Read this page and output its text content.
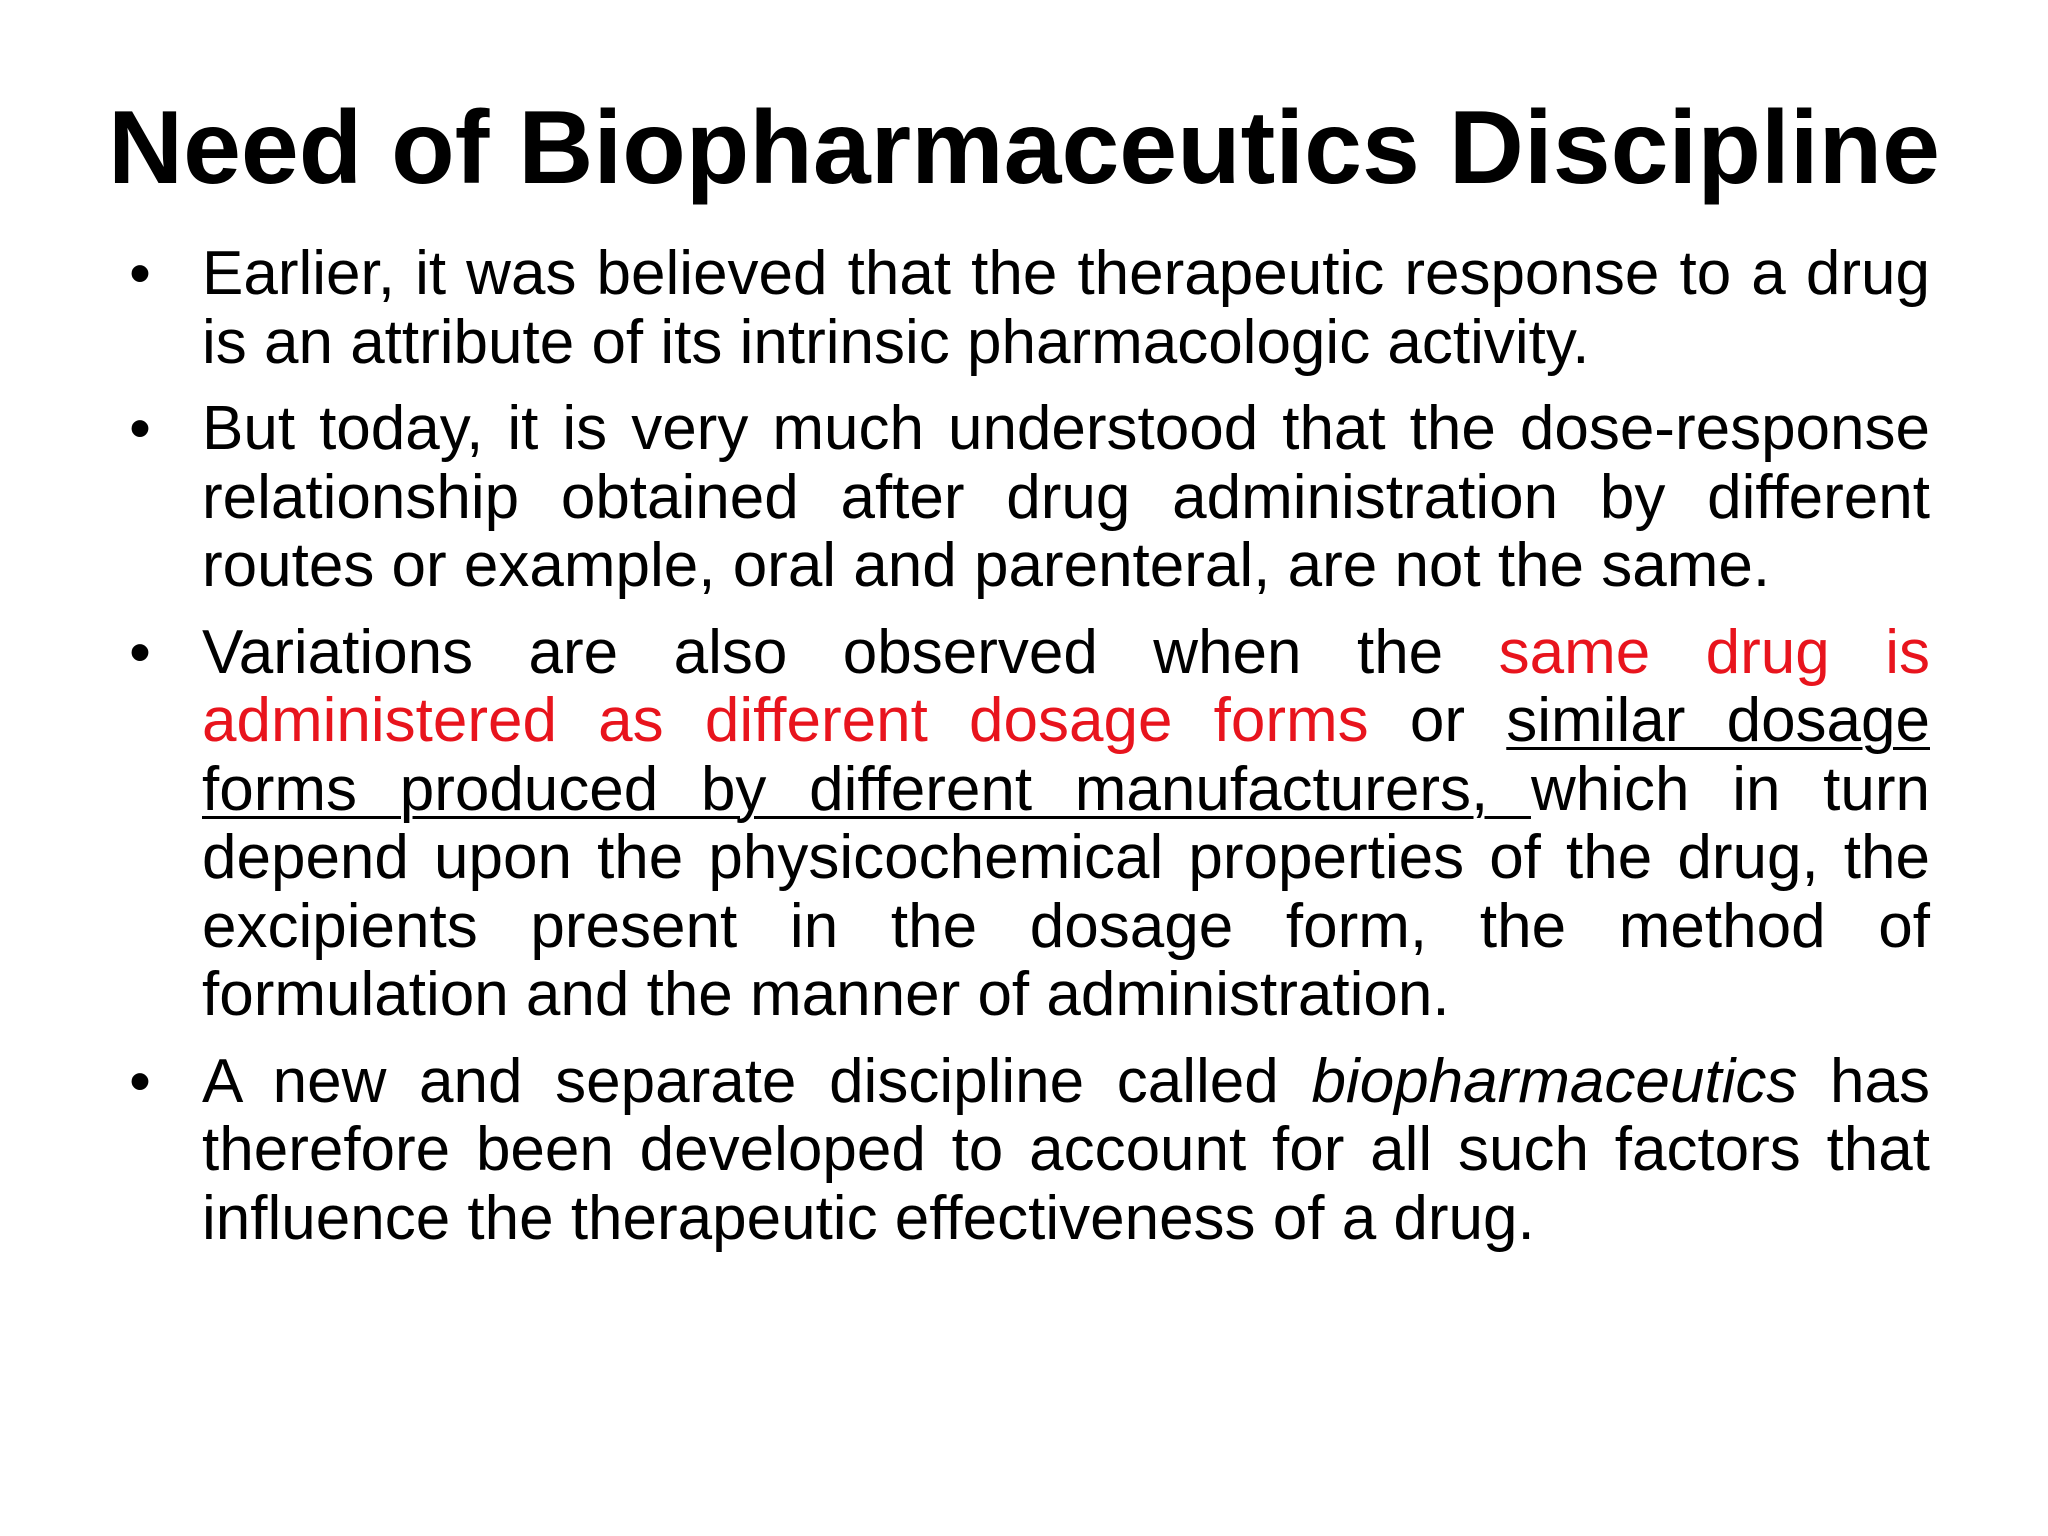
Need of Biopharmaceutics Discipline
• Earlier, it was believed that the therapeutic response to a drug is an attribute of its intrinsic pharmacologic activity.
• But today, it is very much understood that the dose-response relationship obtained after drug administration by different routes or example, oral and parenteral, are not the same.
• Variations are also observed when the same drug is administered as different dosage forms or similar dosage forms produced by different manufacturers, which in turn depend upon the physicochemical properties of the drug, the excipients present in the dosage form, the method of formulation and the manner of administration.
• A new and separate discipline called biopharmaceutics has therefore been developed to account for all such factors that influence the therapeutic effectiveness of a drug.
